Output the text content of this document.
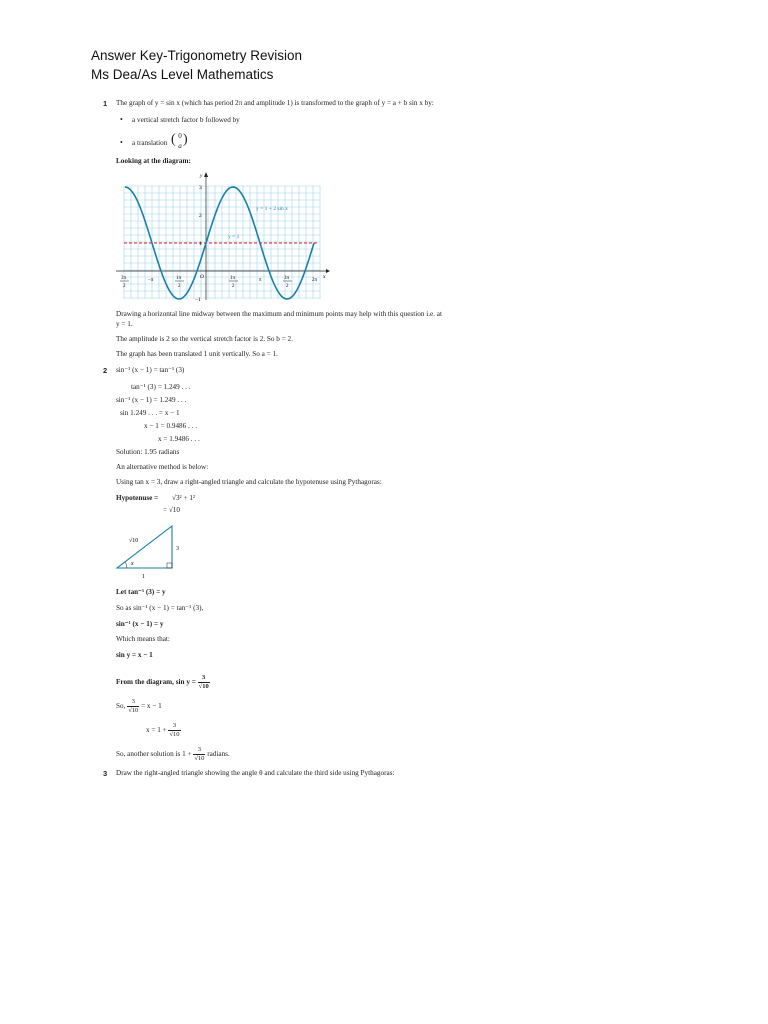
Answer Key-Trigonometry Revision
Ms Dea/As Level Mathematics
1 The graph of y = sin x (which has period 2π and amplitude 1) is transformed to the graph of y = a + b sin x by:
• a vertical stretch factor b followed by
• a translation ( 0
a )
Looking at the diagram:
y
x
3
2
1
−1
O
y = 1 + 2 sin x
y = 1
3π
2
−π	1π
2
1π
2
π	3π
2
2π
Drawing a horizontal line midway between the maximum and minimum points may help with this question i.e. at
y = 1.
The amplitude is 2 so the vertical stretch factor is 2. So b = 2.
The graph has been translated 1 unit vertically. So a = 1.
2 sin⁻¹ (x − 1) = tan⁻¹ (3)
tan⁻¹ (3) = 1.249 . . .
sin⁻¹ (x − 1) = 1.249 . . .
sin 1.249 . . . = x − 1
x − 1 = 0.9486 . . .
x = 1.9486 . . .
Solution: 1.95 radians
An alternative method is below:
Using tan x = 3, draw a right-angled triangle and calculate the hypotenuse using Pythagoras:
Hypotenuse = √3² + 1²
= √10
√10
3
1
x
Let tan⁻¹ (3) = y
So as sin⁻¹ (x − 1) = tan⁻¹ (3),
sin⁻¹ (x − 1) = y
Which means that:
sin y = x − 1
From the diagram, $\sin y = \frac{3}{√10}$
So, $\frac{3}{√10} = x - 1$
$x = 1 + \frac{3}{√10}$
So, another solution is $1 + \frac{3}{√10}$ radians.
3 Draw the right-angled triangle showing the angle θ and calculate the third side using Pythagoras:
